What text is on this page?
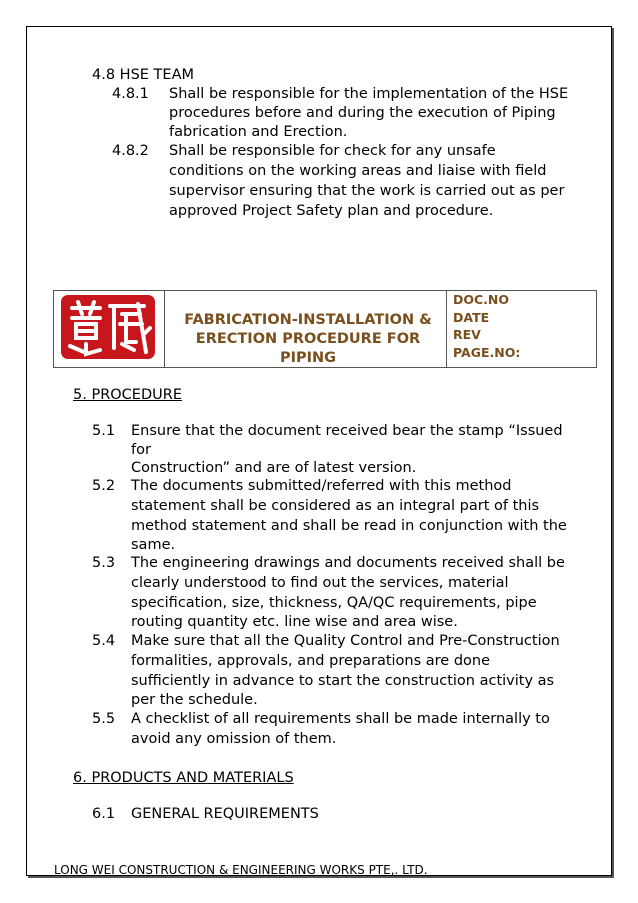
4.8 HSE TEAM
4.8.1 Shall be responsible for the implementation of the HSE
procedures before and during the execution of Piping
fabrication and Erection.
4.8.2 Shall be responsible for check for any unsafe
conditions on the working areas and liaise with field
supervisor ensuring that the work is carried out as per
approved Project Safety plan and procedure.
FABRICATION-INSTALLATION &
ERECTION PROCEDURE FOR
PIPING
DOC.NO
DATE
REV
PAGE.NO:
5. PROCEDURE
5.1 Ensure that the document received bear the stamp “Issued
for
Construction” and are of latest version.
5.2 The documents submitted/referred with this method
statement shall be considered as an integral part of this
method statement and shall be read in conjunction with the
same.
5.3 The engineering drawings and documents received shall be
clearly understood to find out the services, material
specification, size, thickness, QA/QC requirements, pipe
routing quantity etc. line wise and area wise.
5.4 Make sure that all the Quality Control and Pre-Construction
formalities, approvals, and preparations are done
sufficiently in advance to start the construction activity as
per the schedule.
5.5 A checklist of all requirements shall be made internally to
avoid any omission of them.
6. PRODUCTS AND MATERIALS
6.1 GENERAL REQUIREMENTS
LONG WEI CONSTRUCTION & ENGINEERING WORKS PTE,. LTD.
